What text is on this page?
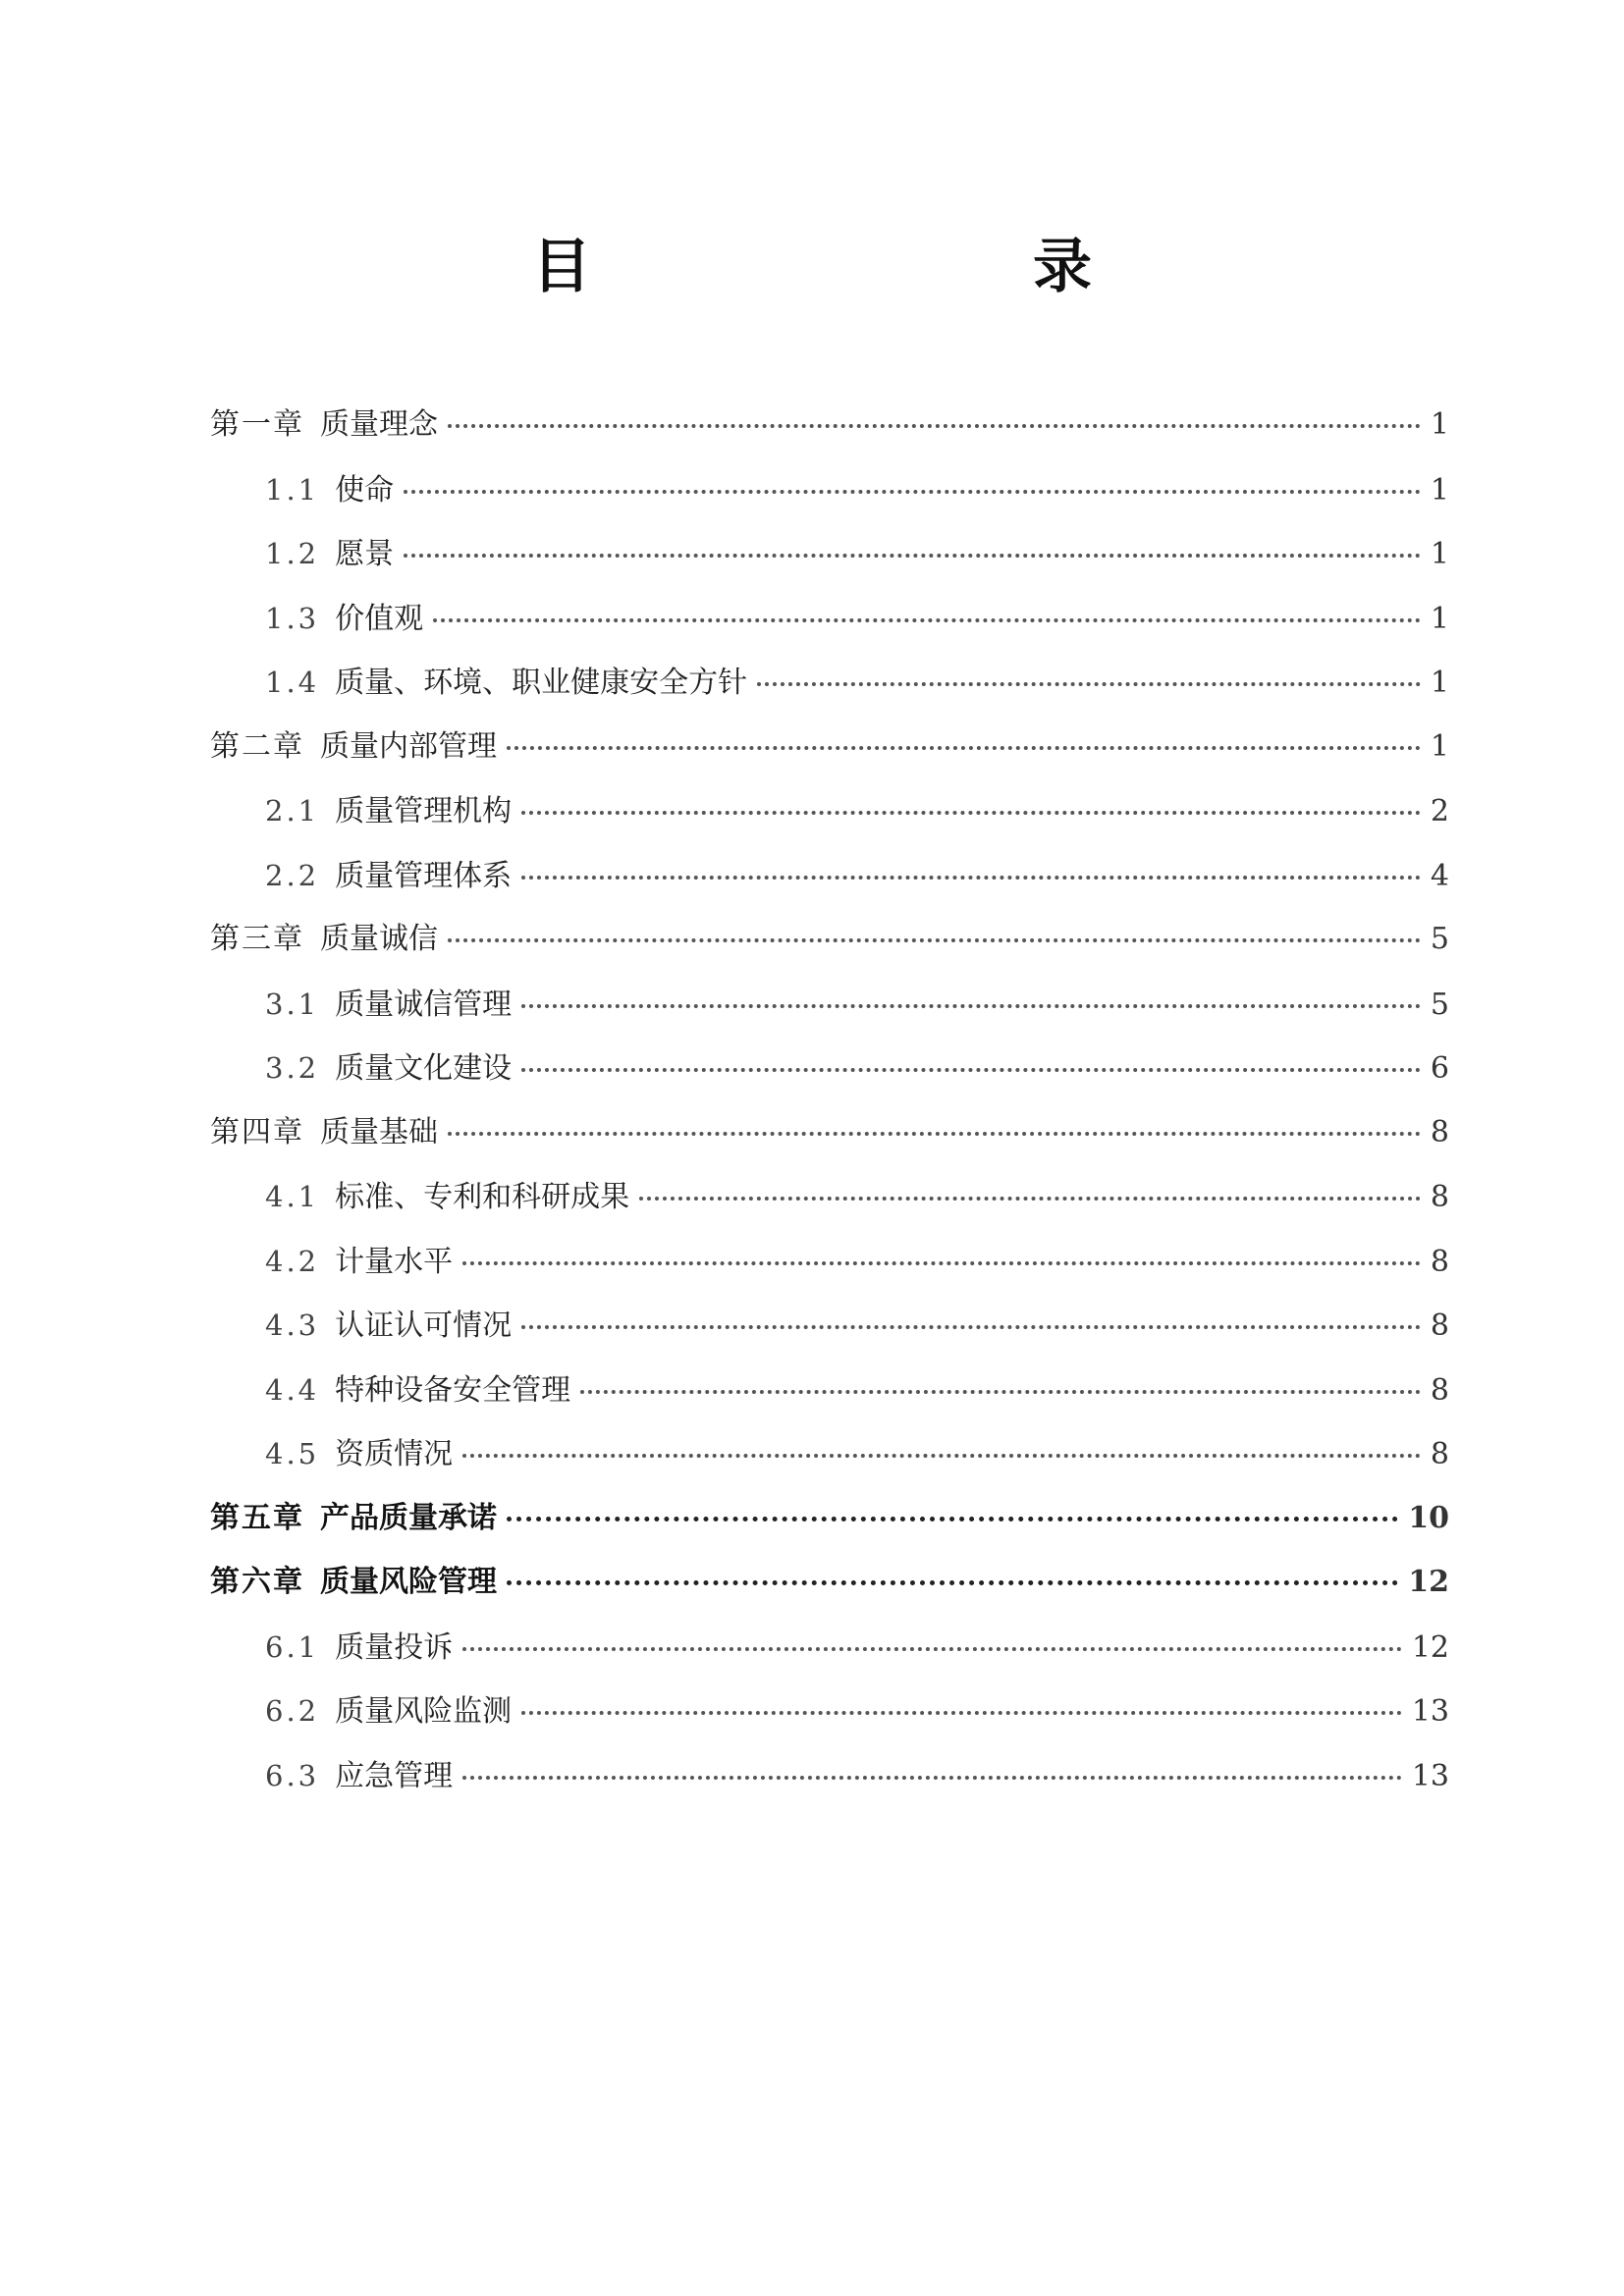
目　　录
第一章 质量理念	1
1.1 使命	1
1.2 愿景	1
1.3 价值观	1
1.4 质量、环境、职业健康安全方针	1
第二章 质量内部管理	1
2.1 质量管理机构	2
2.2 质量管理体系	4
第三章 质量诚信	5
3.1 质量诚信管理	5
3.2 质量文化建设	6
第四章 质量基础	8
4.1 标准、专利和科研成果	8
4.2 计量水平	8
4.3 认证认可情况	8
4.4 特种设备安全管理	8
4.5 资质情况	8
第五章 产品质量承诺	10
第六章 质量风险管理	12
6.1 质量投诉	12
6.2 质量风险监测	13
6.3 应急管理	13
